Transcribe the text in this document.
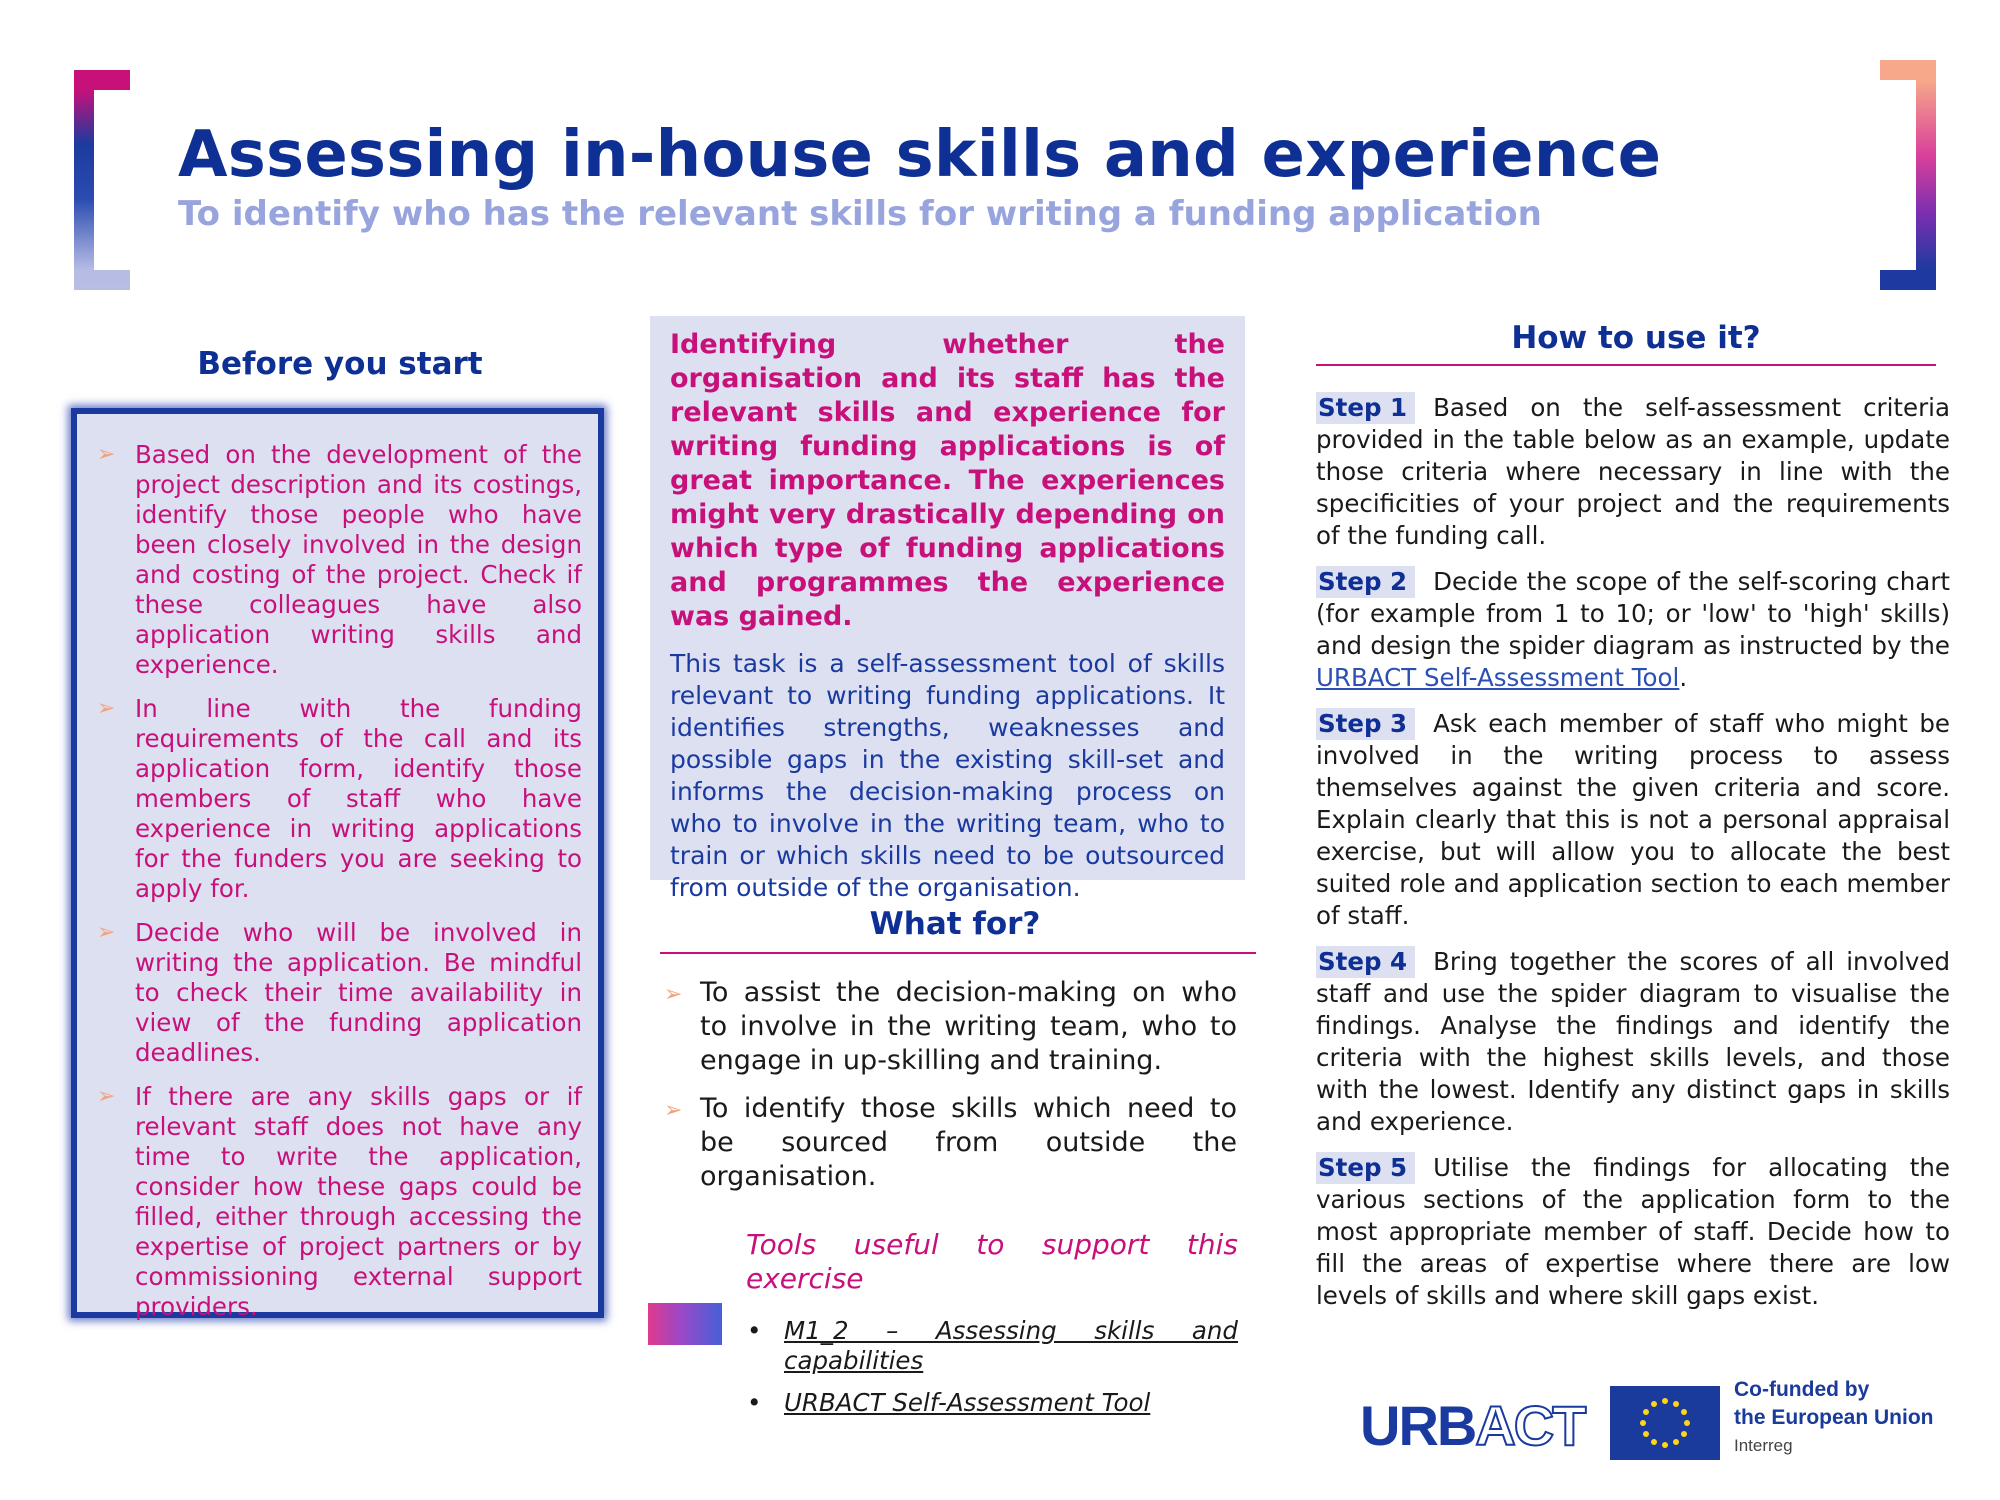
Assessing in-house skills and experience
To identify who has the relevant skills for writing a funding application
Before you start
➢ Based on the development of the project description and its costings, identify those people who have been closely involved in the design and costing of the project. Check if these colleagues have also application writing skills and experience.
➢ In line with the funding requirements of the call and its application form, identify those members of staff who have experience in writing applications for the funders you are seeking to apply for.
➢ Decide who will be involved in writing the application. Be mindful to check their time availability in view of the funding application deadlines.
➢ If there are any skills gaps or if relevant staff does not have any time to write the application, consider how these gaps could be filled, either through accessing the expertise of project partners or by commissioning external support providers.

Identifying whether the organisation and its staff has the relevant skills and experience for writing funding applications is of great importance. The experiences might very drastically depending on which type of funding applications and programmes the experience was gained.

This task is a self-assessment tool of skills relevant to writing funding applications. It identifies strengths, weaknesses and possible gaps in the existing skill-set and informs the decision-making process on who to involve in the writing team, who to train or which skills need to be outsourced from outside of the organisation.

What for?
➢ To assist the decision-making on who to involve in the writing team, who to engage in up-skilling and training.
➢ To identify those skills which need to be sourced from outside the organisation.
Tools useful to support this exercise
• M1_2 – Assessing skills and capabilities
• URBACT Self-Assessment Tool
How to use it?

Step 1 Based on the self-assessment criteria provided in the table below as an example, update those criteria where necessary in line with the specificities of your project and the requirements of the funding call.

Step 2 Decide the scope of the self-scoring chart (for example from 1 to 10; or 'low' to 'high' skills) and design the spider diagram as instructed by the URBACT Self-Assessment Tool.

Step 3 Ask each member of staff who might be involved in the writing process to assess themselves against the given criteria and score. Explain clearly that this is not a personal appraisal exercise, but will allow you to allocate the best suited role and application section to each member of staff.

Step 4 Bring together the scores of all involved staff and use the spider diagram to visualise the findings. Analyse the findings and identify the criteria with the highest skills levels, and those with the lowest. Identify any distinct gaps in skills and experience.

Step 5 Utilise the findings for allocating the various sections of the application form to the most appropriate member of staff. Decide how to fill the areas of expertise where there are low levels of skills and where skill gaps exist.

URBACT
Co-funded by
the European Union
Interreg
